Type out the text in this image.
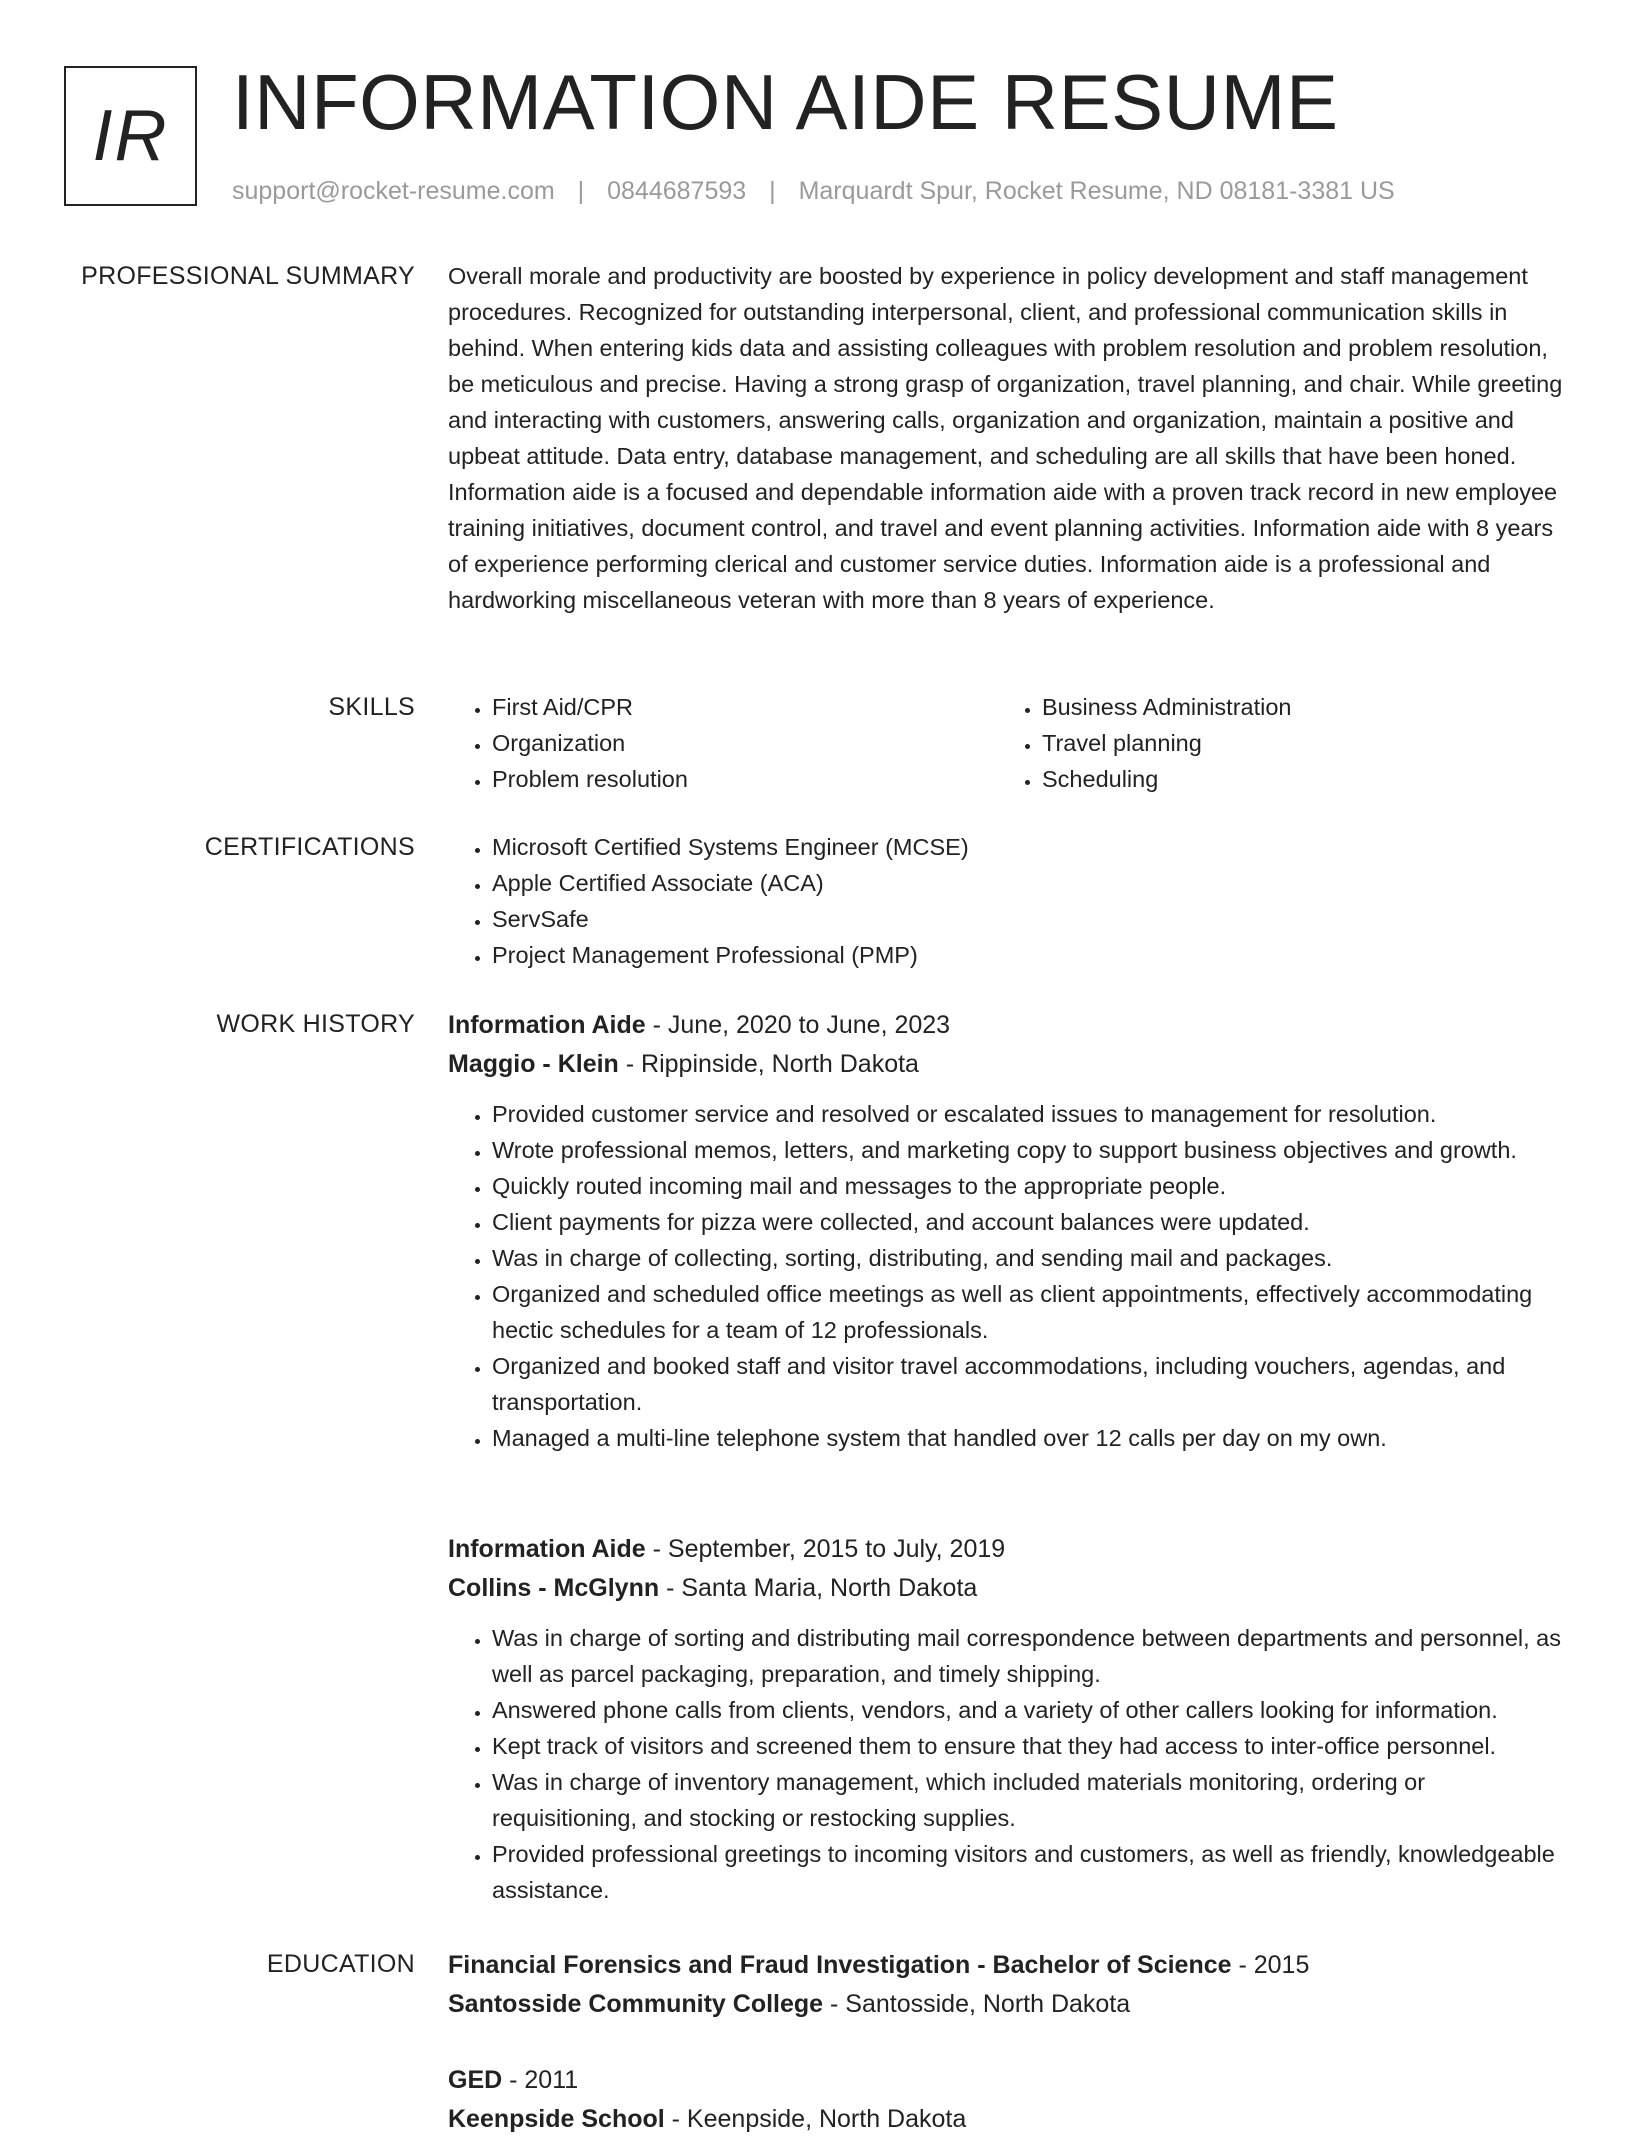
IR INFORMATION AIDE RESUME
support@rocket-resume.com | 0844687593 | Marquardt Spur, Rocket Resume, ND 08181-3381 US
PROFESSIONAL SUMMARY Overall morale and productivity are boosted by experience in policy development and staff management procedures. Recognized for outstanding interpersonal, client, and professional communication skills in behind. When entering kids data and assisting colleagues with problem resolution and problem resolution, be meticulous and precise. Having a strong grasp of organization, travel planning, and chair. While greeting and interacting with customers, answering calls, organization and organization, maintain a positive and upbeat attitude. Data entry, database management, and scheduling are all skills that have been honed. Information aide is a focused and dependable information aide with a proven track record in new employee training initiatives, document control, and travel and event planning activities. Information aide with 8 years of experience performing clerical and customer service duties. Information aide is a professional and hardworking miscellaneous veteran with more than 8 years of experience.

SKILLS	• First Aid/CPR
• Organization
• Problem resolution
• Business Administration
• Travel planning
• Scheduling
CERTIFICATIONS	• Microsoft Certified Systems Engineer (MCSE)
• Apple Certified Associate (ACA)
• ServSafe
• Project Management Professional (PMP)
WORK HISTORY Information Aide - June, 2020 to June, 2023
Maggio - Klein - Rippinside, North Dakota
• Provided customer service and resolved or escalated issues to management for resolution.
• Wrote professional memos, letters, and marketing copy to support business objectives and growth.
• Quickly routed incoming mail and messages to the appropriate people.
• Client payments for pizza were collected, and account balances were updated.
• Was in charge of collecting, sorting, distributing, and sending mail and packages.
• Organized and scheduled office meetings as well as client appointments, effectively accommodating hectic schedules for a team of 12 professionals.
• Organized and booked staff and visitor travel accommodations, including vouchers, agendas, and transportation.
• Managed a multi-line telephone system that handled over 12 calls per day on my own.
Information Aide - September, 2015 to July, 2019
Collins - McGlynn - Santa Maria, North Dakota
• Was in charge of sorting and distributing mail correspondence between departments and personnel, as well as parcel packaging, preparation, and timely shipping.
• Answered phone calls from clients, vendors, and a variety of other callers looking for information.
• Kept track of visitors and screened them to ensure that they had access to inter-office personnel.
• Was in charge of inventory management, which included materials monitoring, ordering or requisitioning, and stocking or restocking supplies.
• Provided professional greetings to incoming visitors and customers, as well as friendly, knowledgeable assistance.
EDUCATION Financial Forensics and Fraud Investigation - Bachelor of Science - 2015
Santosside Community College - Santosside, North Dakota
GED - 2011
Keenpside School - Keenpside, North Dakota
